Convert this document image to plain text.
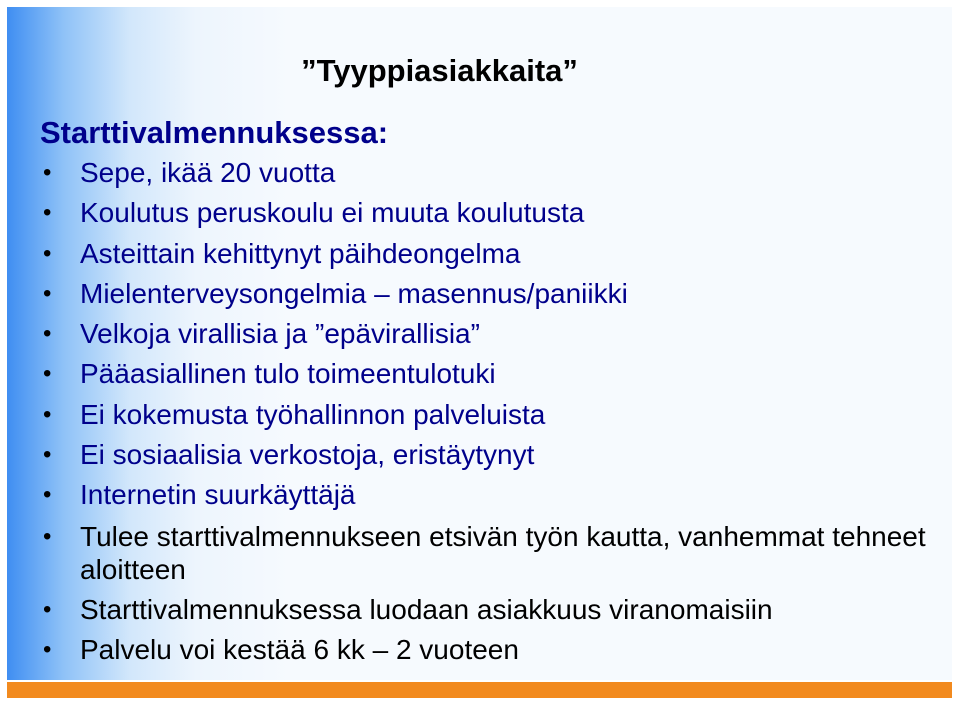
”Tyyppiasiakkaita”
Starttivalmennuksessa:
• Sepe, ikää 20 vuotta
• Koulutus peruskoulu ei muuta koulutusta
• Asteittain kehittynyt päihdeongelma
• Mielenterveysongelmia – masennus/paniikki
• Velkoja virallisia ja ”epävirallisia”
• Pääasiallinen tulo toimeentulotuki
• Ei kokemusta työhallinnon palveluista
• Ei sosiaalisia verkostoja, eristäytynyt
• Internetin suurkäyttäjä
• Tulee starttivalmennukseen etsivän työn kautta, vanhemmat tehneet aloitteen
• Starttivalmennuksessa luodaan asiakkuus viranomaisiin
• Palvelu voi kestää 6 kk – 2 vuoteen
